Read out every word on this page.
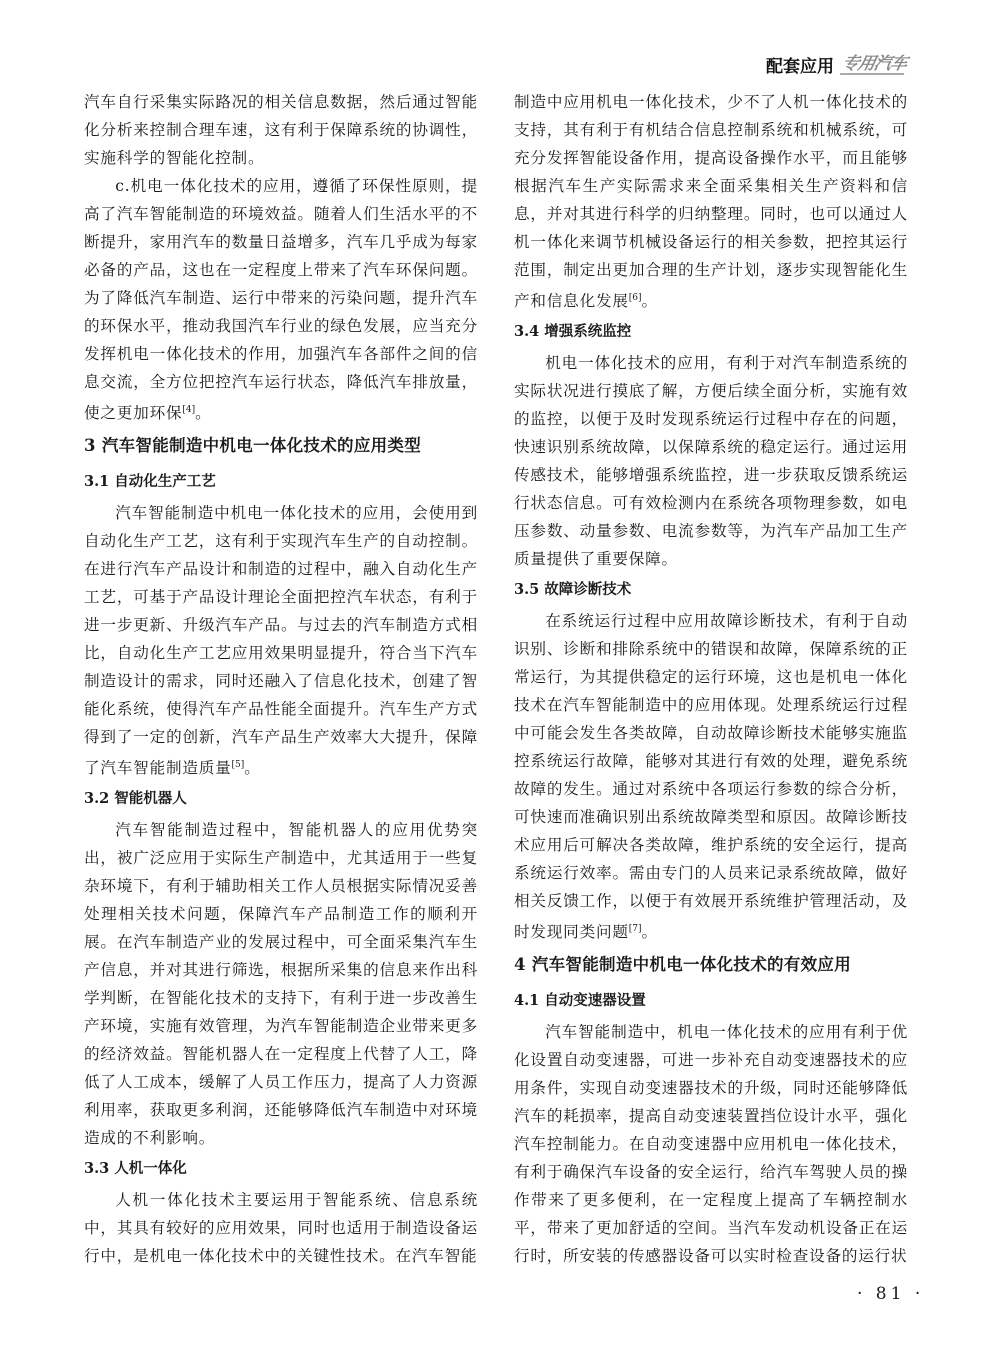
配套应用 专用汽车

汽车自行采集实际路况的相关信息数据，然后通过智能化分析来控制合理车速，这有利于保障系统的协调性，实施科学的智能化控制。

c.机电一体化技术的应用，遵循了环保性原则，提高了汽车智能制造的环境效益。随着人们生活水平的不断提升，家用汽车的数量日益增多，汽车几乎成为每家必备的产品，这也在一定程度上带来了汽车环保问题。为了降低汽车制造、运行中带来的污染问题，提升汽车的环保水平，推动我国汽车行业的绿色发展，应当充分发挥机电一体化技术的作用，加强汽车各部件之间的信息交流，全方位把控汽车运行状态，降低汽车排放量，使之更加环保[4]。

3 汽车智能制造中机电一体化技术的应用类型
3.1 自动化生产工艺

汽车智能制造中机电一体化技术的应用，会使用到自动化生产工艺，这有利于实现汽车生产的自动控制。在进行汽车产品设计和制造的过程中，融入自动化生产工艺，可基于产品设计理论全面把控汽车状态，有利于进一步更新、升级汽车产品。与过去的汽车制造方式相比，自动化生产工艺应用效果明显提升，符合当下汽车制造设计的需求，同时还融入了信息化技术，创建了智能化系统，使得汽车产品性能全面提升。汽车生产方式得到了一定的创新，汽车产品生产效率大大提升，保障了汽车智能制造质量[5]。

3.2 智能机器人

汽车智能制造过程中，智能机器人的应用优势突出，被广泛应用于实际生产制造中，尤其适用于一些复杂环境下，有利于辅助相关工作人员根据实际情况妥善处理相关技术问题，保障汽车产品制造工作的顺利开展。在汽车制造产业的发展过程中，可全面采集汽车生产信息，并对其进行筛选，根据所采集的信息来作出科学判断，在智能化技术的支持下，有利于进一步改善生产环境，实施有效管理，为汽车智能制造企业带来更多的经济效益。智能机器人在一定程度上代替了人工，降低了人工成本，缓解了人员工作压力，提高了人力资源利用率，获取更多利润，还能够降低汽车制造中对环境造成的不利影响。

3.3 人机一体化

人机一体化技术主要运用于智能系统、信息系统中，其具有较好的应用效果，同时也适用于制造设备运行中，是机电一体化技术中的关键性技术。在汽车智能

制造中应用机电一体化技术，少不了人机一体化技术的支持，其有利于有机结合信息控制系统和机械系统，可充分发挥智能设备作用，提高设备操作水平，而且能够根据汽车生产实际需求来全面采集相关生产资料和信息，并对其进行科学的归纳整理。同时，也可以通过人机一体化来调节机械设备运行的相关参数，把控其运行范围，制定出更加合理的生产计划，逐步实现智能化生产和信息化发展[6]。

3.4 增强系统监控

机电一体化技术的应用，有利于对汽车制造系统的实际状况进行摸底了解，方便后续全面分析，实施有效的监控，以便于及时发现系统运行过程中存在的问题，快速识别系统故障，以保障系统的稳定运行。通过运用传感技术，能够增强系统监控，进一步获取反馈系统运行状态信息。可有效检测内在系统各项物理参数，如电压参数、动量参数、电流参数等，为汽车产品加工生产质量提供了重要保障。

3.5 故障诊断技术

在系统运行过程中应用故障诊断技术，有利于自动识别、诊断和排除系统中的错误和故障，保障系统的正常运行，为其提供稳定的运行环境，这也是机电一体化技术在汽车智能制造中的应用体现。处理系统运行过程中可能会发生各类故障，自动故障诊断技术能够实施监控系统运行故障，能够对其进行有效的处理，避免系统故障的发生。通过对系统中各项运行参数的综合分析，可快速而准确识别出系统故障类型和原因。故障诊断技术应用后可解决各类故障，维护系统的安全运行，提高系统运行效率。需由专门的人员来记录系统故障，做好相关反馈工作，以便于有效展开系统维护管理活动，及时发现同类问题[7]。

4 汽车智能制造中机电一体化技术的有效应用
4.1 自动变速器设置

汽车智能制造中，机电一体化技术的应用有利于优化设置自动变速器，可进一步补充自动变速器技术的应用条件，实现自动变速器技术的升级，同时还能够降低汽车的耗损率，提高自动变速装置挡位设计水平，强化汽车控制能力。在自动变速器中应用机电一体化技术，有利于确保汽车设备的安全运行，给汽车驾驶人员的操作带来了更多便利，在一定程度上提高了车辆控制水平，带来了更加舒适的空间。当汽车发动机设备正在运行时，所安装的传感器设备可以实时检查设备的运行状

· 81 ·
